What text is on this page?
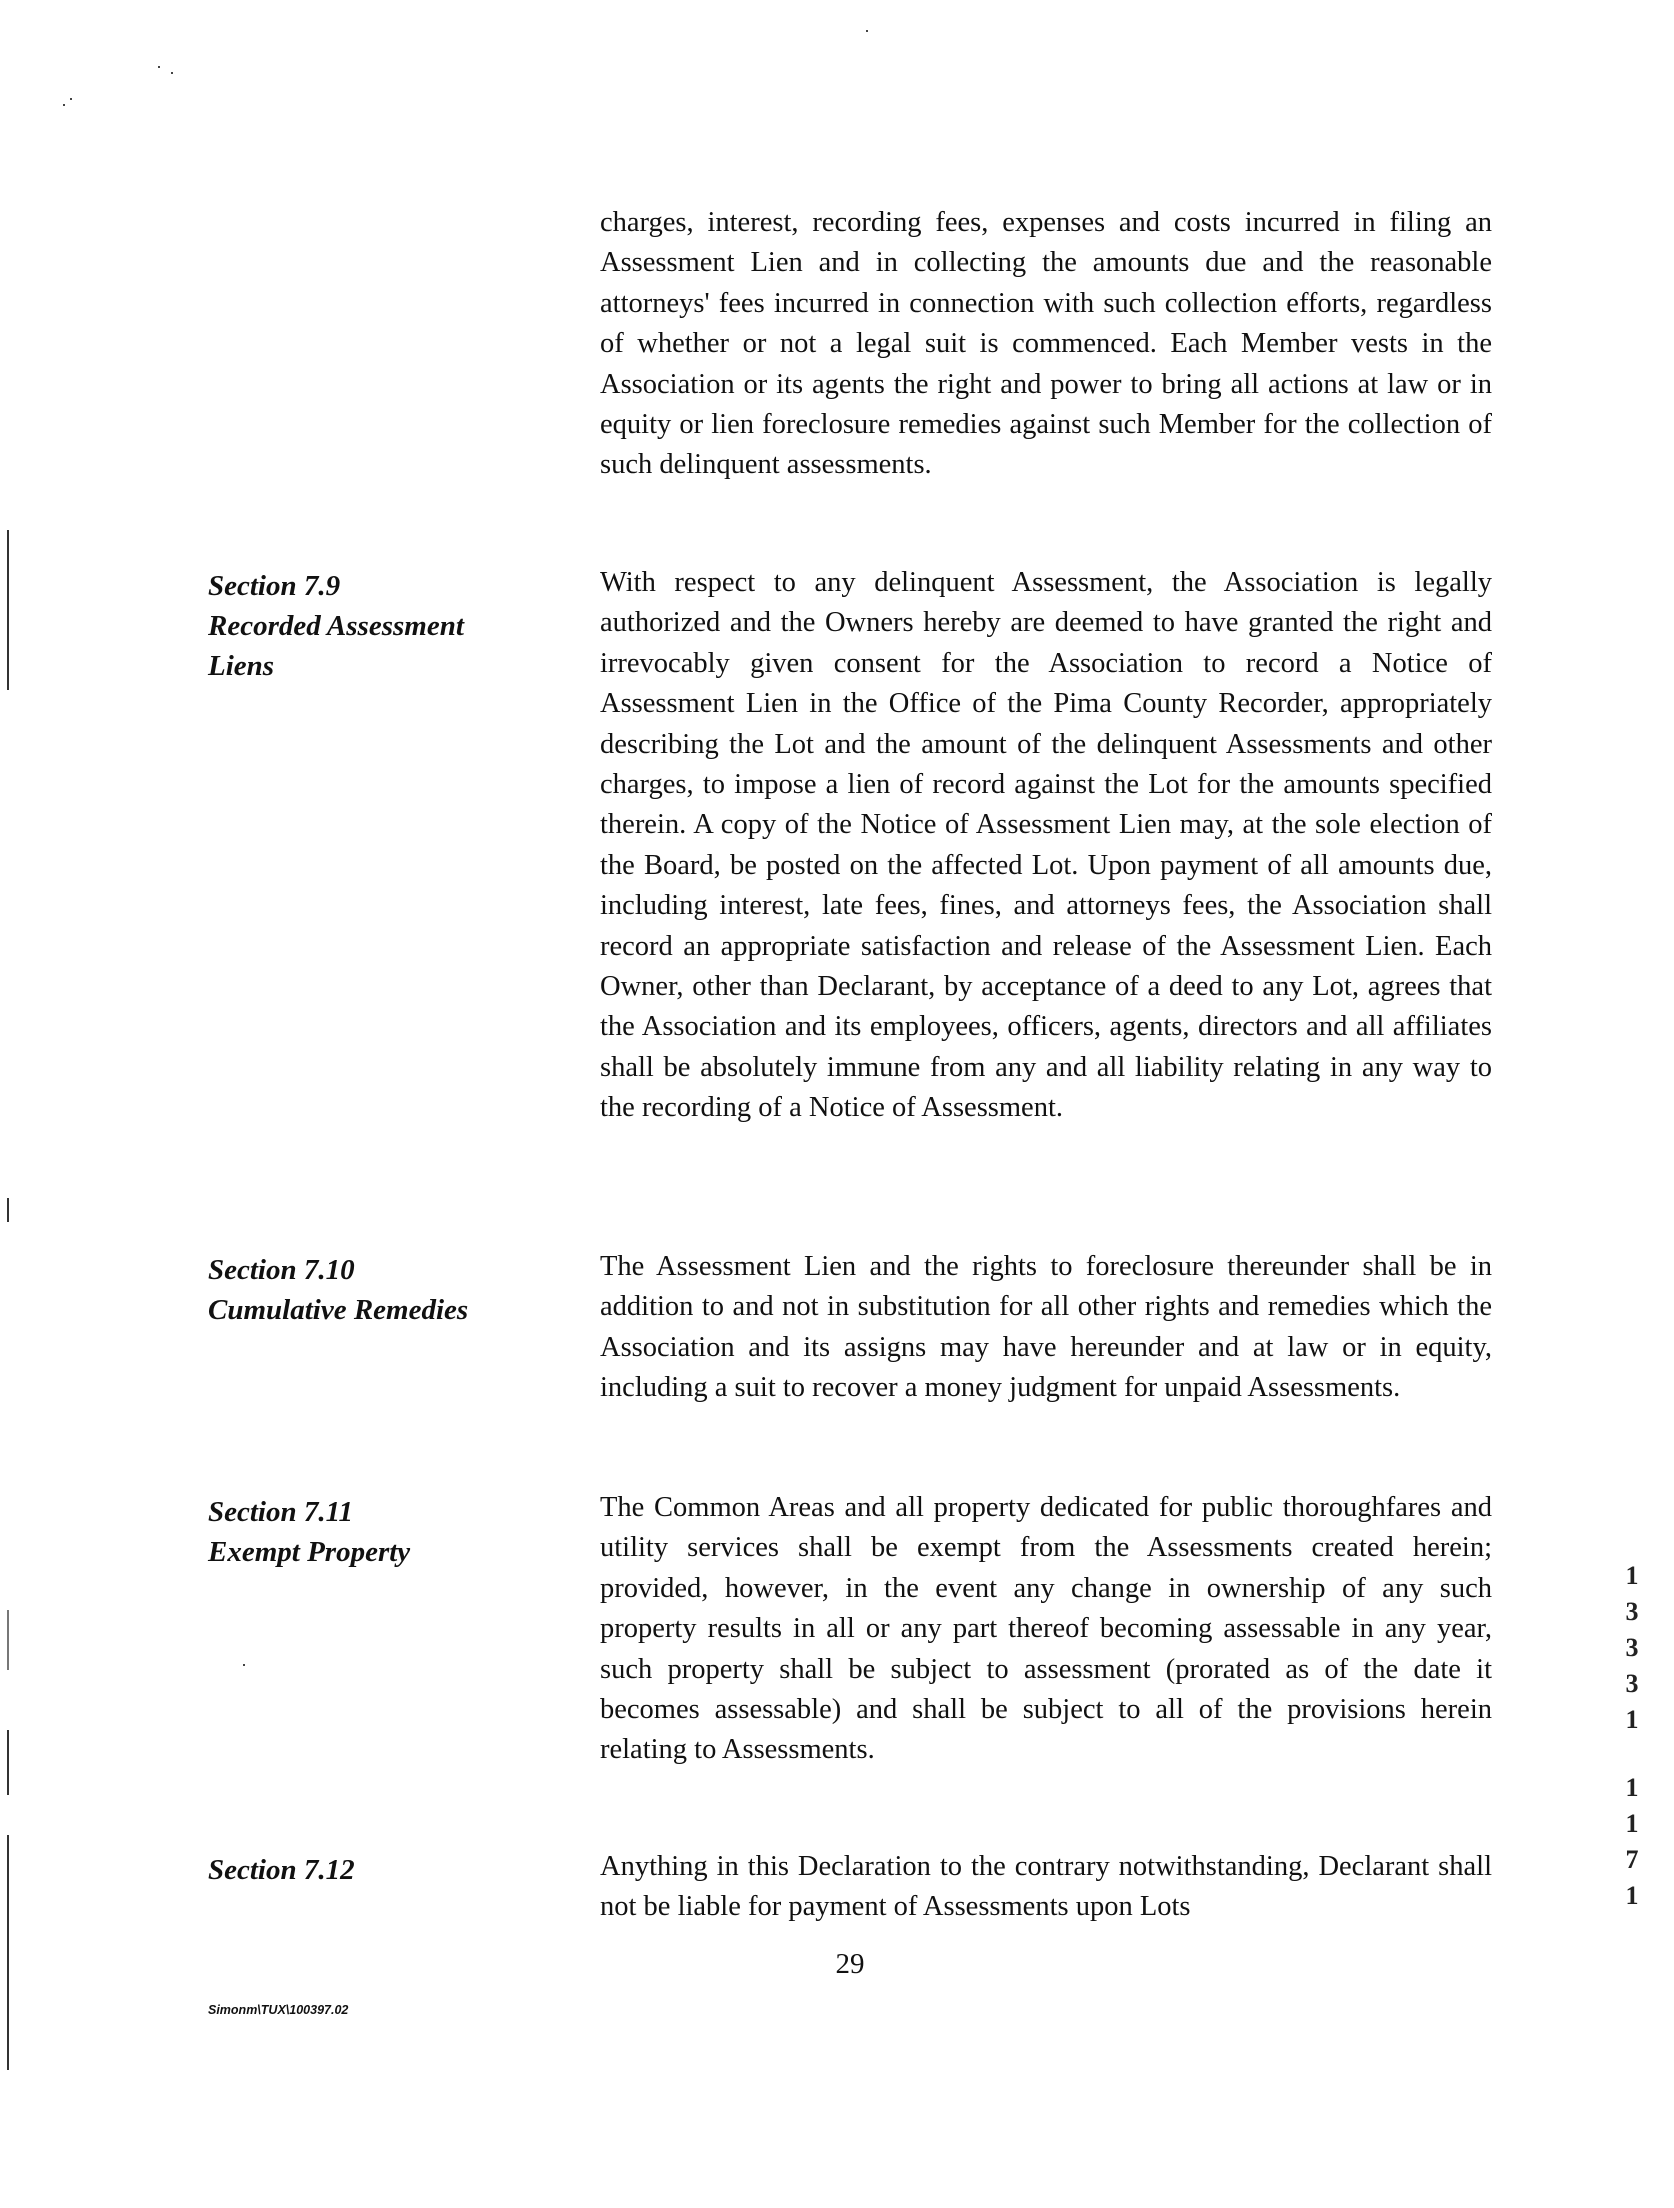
charges, interest, recording fees, expenses and costs incurred in filing an Assessment Lien and in collecting the amounts due and the reasonable attorneys' fees incurred in connection with such collection efforts, regardless of whether or not a legal suit is commenced. Each Member vests in the Association or its agents the right and power to bring all actions at law or in equity or lien foreclosure remedies against such Member for the collection of such delinquent assessments.

Section 7.9
Recorded Assessment
Liens

With respect to any delinquent Assessment, the Association is legally authorized and the Owners hereby are deemed to have granted the right and irrevocably given consent for the Association to record a Notice of Assessment Lien in the Office of the Pima County Recorder, appropriately describing the Lot and the amount of the delinquent Assessments and other charges, to impose a lien of record against the Lot for the amounts specified therein. A copy of the Notice of Assessment Lien may, at the sole election of the Board, be posted on the affected Lot. Upon payment of all amounts due, including interest, late fees, fines, and attorneys fees, the Association shall record an appropriate satisfaction and release of the Assessment Lien. Each Owner, other than Declarant, by acceptance of a deed to any Lot, agrees that the Association and its employees, officers, agents, directors and all affiliates shall be absolutely immune from any and all liability relating in any way to the recording of a Notice of Assessment.

Section 7.10
Cumulative Remedies

The Assessment Lien and the rights to foreclosure thereunder shall be in addition to and not in substitution for all other rights and remedies which the Association and its assigns may have hereunder and at law or in equity, including a suit to recover a money judgment for unpaid Assessments.

Section 7.11
Exempt Property

The Common Areas and all property dedicated for public thoroughfares and utility services shall be exempt from the Assessments created herein; provided, however, in the event any change in ownership of any such property results in all or any part thereof becoming assessable in any year, such property shall be subject to assessment (prorated as of the date it becomes assessable) and shall be subject to all of the provisions herein relating to Assessments.

Section 7.12	Anything in this Declaration to the contrary notwithstanding, Declarant shall not be liable for payment of Assessments upon Lots

29
Simonm\TUX\100397.02
1
3
3
3
1
1
1
7
1
